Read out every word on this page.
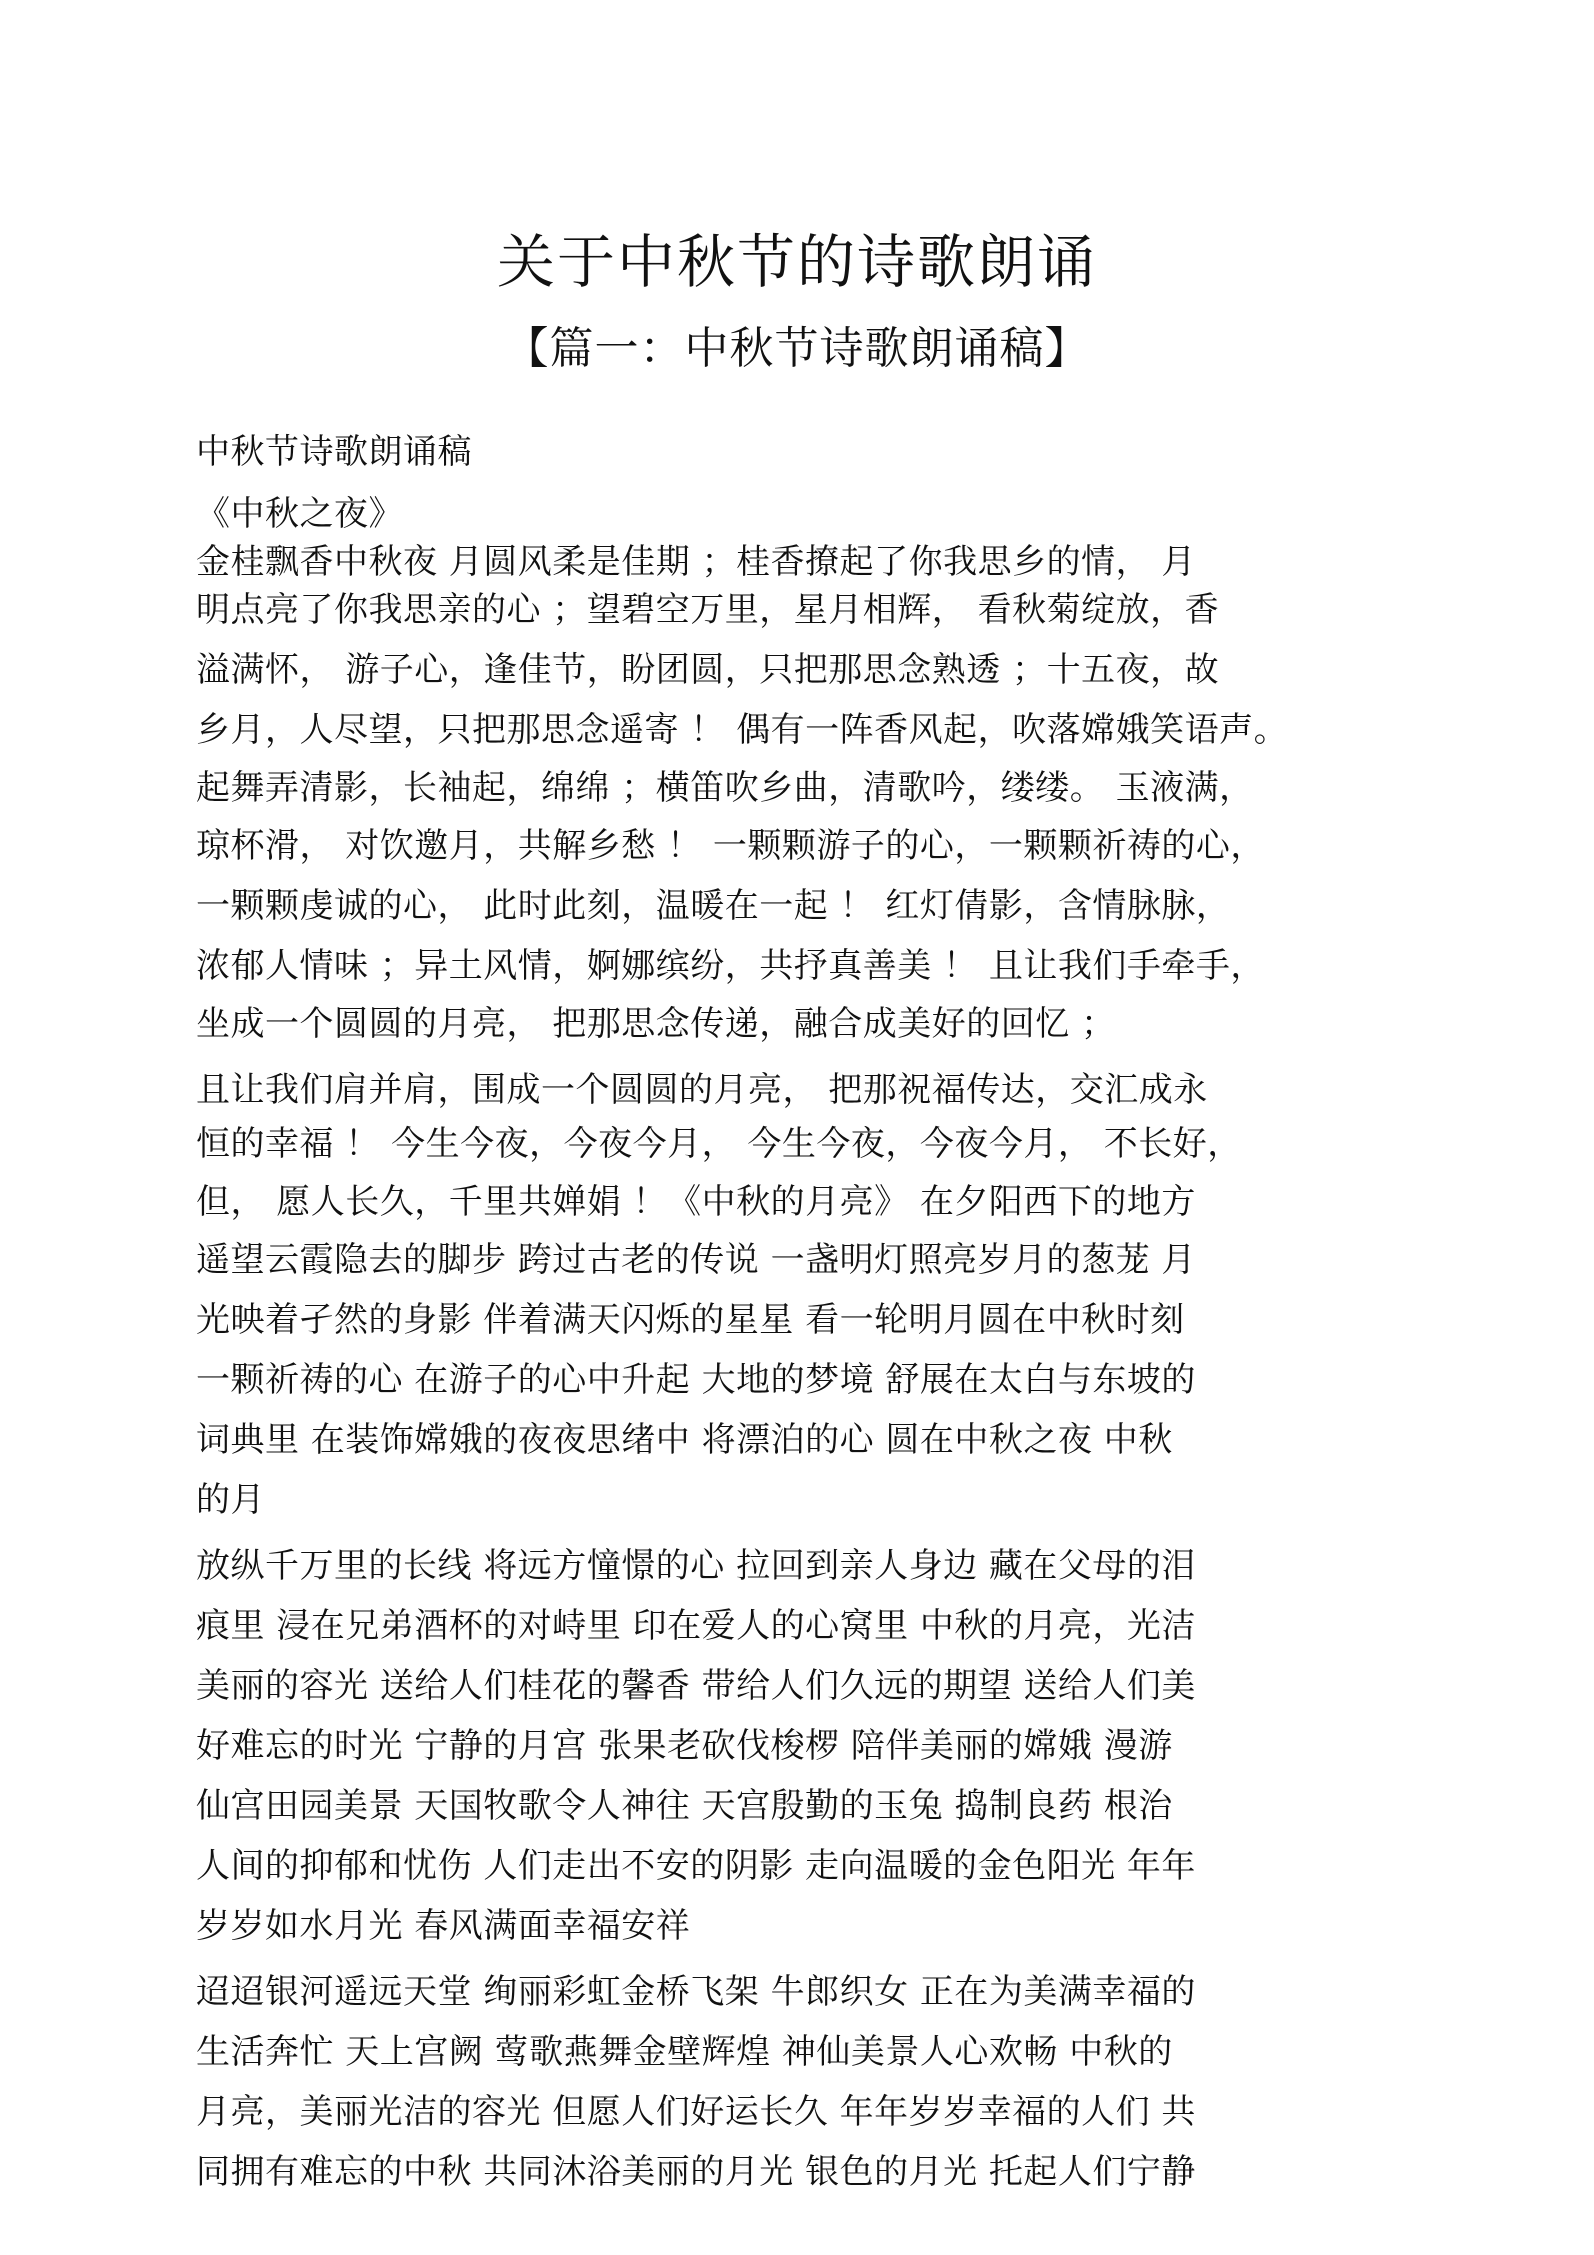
关于中秋节的诗歌朗诵
【篇一：中秋节诗歌朗诵稿】
中秋节诗歌朗诵稿
《中秋之夜》
金桂飘香中秋夜 月圆风柔是佳期 ；桂香撩起了你我思乡的情， 月
明点亮了你我思亲的心 ；望碧空万里，星月相辉， 看秋菊绽放，香
溢满怀， 游子心，逢佳节，盼团圆，只把那思念熟透 ；十五夜，故
乡月，人尽望，只把那思念遥寄 ！ 偶有一阵香风起，吹落嫦娥笑语声。
起舞弄清影，长袖起，绵绵 ；横笛吹乡曲，清歌吟，缕缕。 玉液满，
琼杯滑， 对饮邀月，共解乡愁 ！ 一颗颗游子的心，一颗颗祈祷的心，
一颗颗虔诚的心， 此时此刻，温暖在一起 ！ 红灯倩影，含情脉脉，
浓郁人情味 ；异土风情，婀娜缤纷，共抒真善美 ！ 且让我们手牵手，
坐成一个圆圆的月亮， 把那思念传递，融合成美好的回忆 ；
且让我们肩并肩，围成一个圆圆的月亮， 把那祝福传达，交汇成永
恒的幸福 ！ 今生今夜，今夜今月， 今生今夜，今夜今月， 不长好，
但， 愿人长久，千里共婵娟 ！《中秋的月亮》 在夕阳西下的地方
遥望云霞隐去的脚步 跨过古老的传说 一盏明灯照亮岁月的葱茏 月
光映着孑然的身影 伴着满天闪烁的星星 看一轮明月圆在中秋时刻
一颗祈祷的心 在游子的心中升起 大地的梦境 舒展在太白与东坡的
词典里 在装饰嫦娥的夜夜思绪中 将漂泊的心 圆在中秋之夜 中秋
的月
放纵千万里的长线 将远方憧憬的心 拉回到亲人身边 藏在父母的泪
痕里 浸在兄弟酒杯的对峙里 印在爱人的心窝里 中秋的月亮，光洁
美丽的容光 送给人们桂花的馨香 带给人们久远的期望 送给人们美
好难忘的时光 宁静的月宫 张果老砍伐梭椤 陪伴美丽的嫦娥 漫游
仙宫田园美景 天国牧歌令人神往 天宫殷勤的玉兔 捣制良药 根治
人间的抑郁和忧伤 人们走出不安的阴影 走向温暖的金色阳光 年年
岁岁如水月光 春风满面幸福安祥
迢迢银河遥远天堂 绚丽彩虹金桥飞架 牛郎织女 正在为美满幸福的
生活奔忙 天上宫阙 莺歌燕舞金壁辉煌 神仙美景人心欢畅 中秋的
月亮，美丽光洁的容光 但愿人们好运长久 年年岁岁幸福的人们 共
同拥有难忘的中秋 共同沐浴美丽的月光 银色的月光 托起人们宁静
